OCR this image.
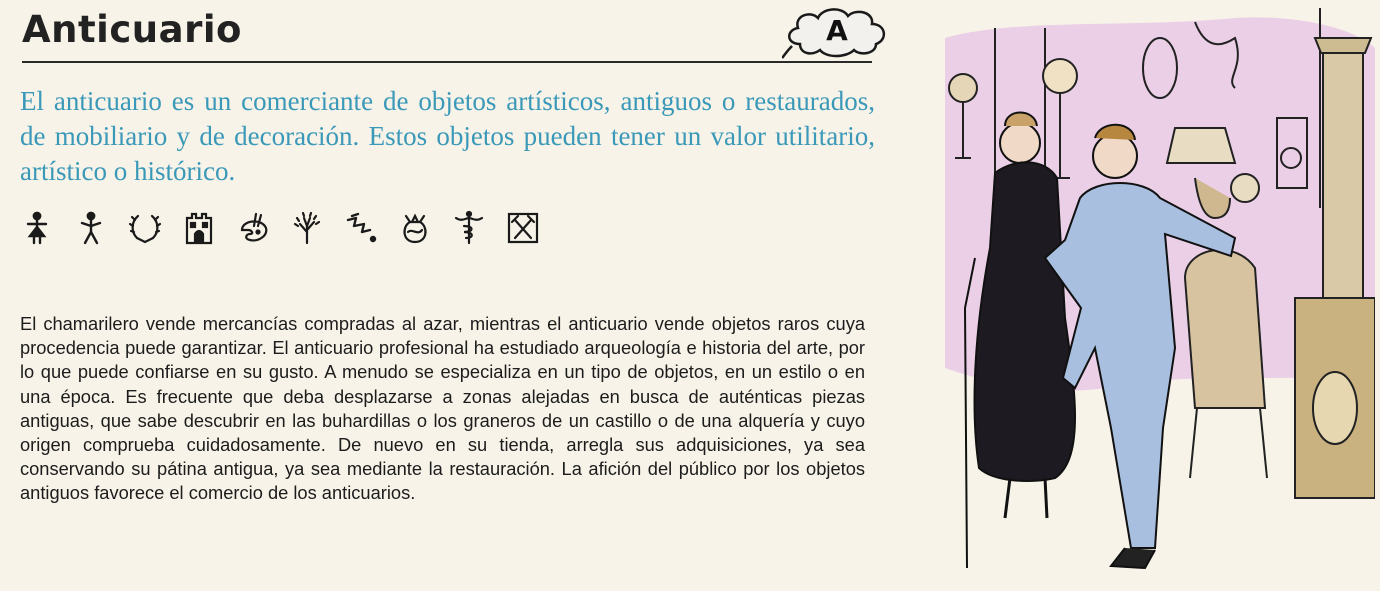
Anticuario	A
El anticuario es un comerciante de objetos artísticos, antiguos o restaurados, de mobiliario y de decoración. Estos objetos pueden tener un valor utilitario, artístico o histórico.
El chamarilero vende mercancías compradas al azar, mientras el anticuario vende objetos raros cuya procedencia puede garantizar. El anticuario profesional ha estudiado arqueología e historia del arte, por lo que puede confiarse en su gusto. A menudo se especializa en un tipo de objetos, en un estilo o en una época. Es frecuente que deba desplazarse a zonas alejadas en busca de auténticas piezas antiguas, que sabe descubrir en las buhardillas o los graneros de un castillo o de una alquería y cuyo origen comprueba cuidadosamente. De nuevo en su tienda, arregla sus adquisiciones, ya sea conservando su pátina antigua, ya sea mediante la restauración. La afición del público por los objetos antiguos favorece el comercio de los anticuarios.
